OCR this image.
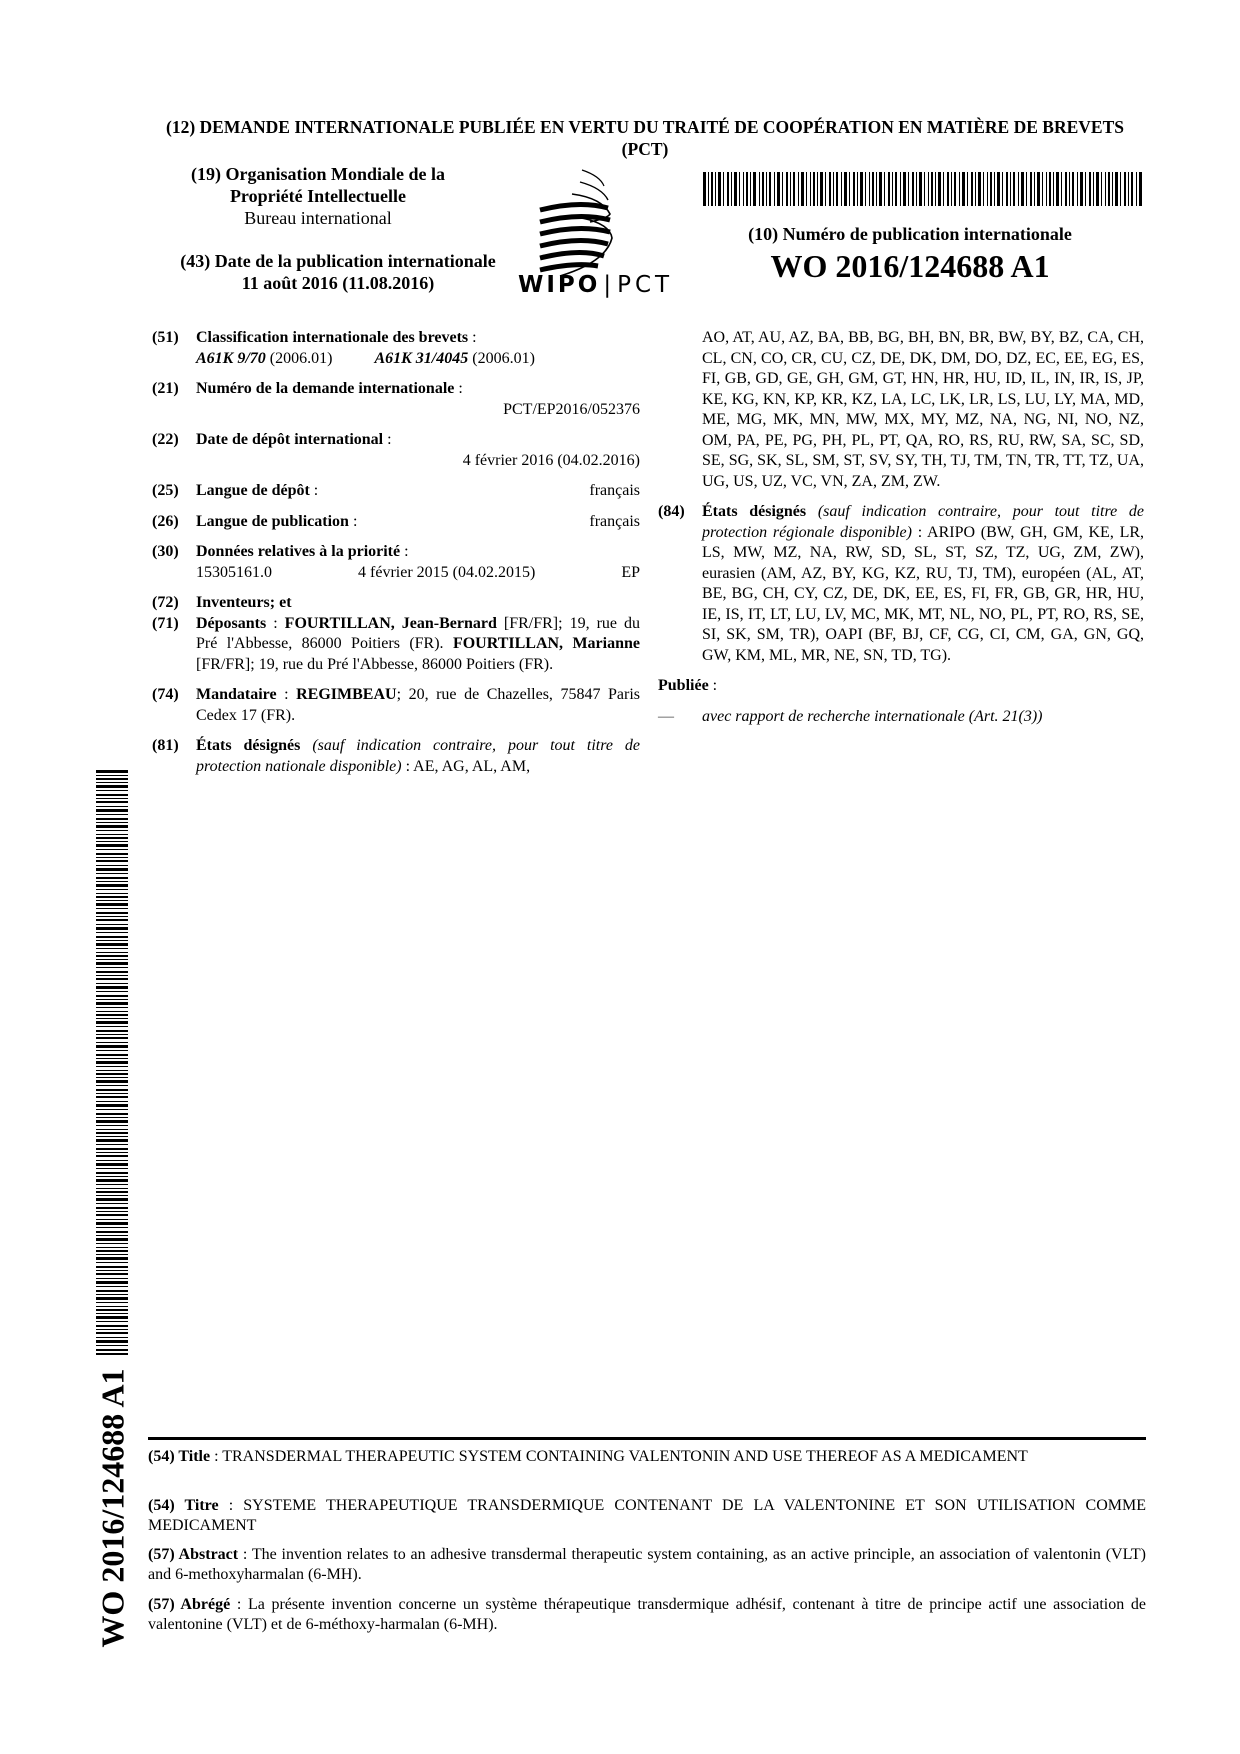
(12) DEMANDE INTERNATIONALE PUBLIÉE EN VERTU DU TRAITÉ DE COOPÉRATION EN MATIÈRE DE BREVETS (PCT)
(19) Organisation Mondiale de la
Propriété Intellectuelle
Bureau international
(43) Date de la publication internationale
11 août 2016 (11.08.2016)	WIPO | PCT
(10) Numéro de publication internationale
WO 2016/124688 A1
(51)	Classification internationale des brevets :
A61K 9/70 (2006.01)	A61K 31/4045 (2006.01)
(21)	Numéro de la demande internationale :
PCT/EP2016/052376
(22)	Date de dépôt international :
4 février 2016 (04.02.2016)
(25)	Langue de dépôt :	français
(26)	Langue de publication :	français
(30)	Données relatives à la priorité :
15305161.0	4 février 2015 (04.02.2015)	EP
(72)	Inventeurs; et
(71)	Déposants : FOURTILLAN, Jean-Bernard [FR/FR]; 19, rue du Pré l'Abbesse, 86000 Poitiers (FR). FOURTILLAN, Marianne [FR/FR]; 19, rue du Pré l'Abbesse, 86000 Poitiers (FR).
(74)	Mandataire : REGIMBEAU; 20, rue de Chazelles, 75847 Paris Cedex 17 (FR).
(81)	États désignés (sauf indication contraire, pour tout titre de protection nationale disponible) : AE, AG, AL, AM,
AO, AT, AU, AZ, BA, BB, BG, BH, BN, BR, BW, BY, BZ, CA, CH, CL, CN, CO, CR, CU, CZ, DE, DK, DM, DO, DZ, EC, EE, EG, ES, FI, GB, GD, GE, GH, GM, GT, HN, HR, HU, ID, IL, IN, IR, IS, JP, KE, KG, KN, KP, KR, KZ, LA, LC, LK, LR, LS, LU, LY, MA, MD, ME, MG, MK, MN, MW, MX, MY, MZ, NA, NG, NI, NO, NZ, OM, PA, PE, PG, PH, PL, PT, QA, RO, RS, RU, RW, SA, SC, SD, SE, SG, SK, SL, SM, ST, SV, SY, TH, TJ, TM, TN, TR, TT, TZ, UA, UG, US, UZ, VC, VN, ZA, ZM, ZW.
(84)	États désignés (sauf indication contraire, pour tout titre de protection régionale disponible) : ARIPO (BW, GH, GM, KE, LR, LS, MW, MZ, NA, RW, SD, SL, ST, SZ, TZ, UG, ZM, ZW), eurasien (AM, AZ, BY, KG, KZ, RU, TJ, TM), européen (AL, AT, BE, BG, CH, CY, CZ, DE, DK, EE, ES, FI, FR, GB, GR, HR, HU, IE, IS, IT, LT, LU, LV, MC, MK, MT, NL, NO, PL, PT, RO, RS, SE, SI, SK, SM, TR), OAPI (BF, BJ, CF, CG, CI, CM, GA, GN, GQ, GW, KM, ML, MR, NE, SN, TD, TG).
Publiée :
—	avec rapport de recherche internationale (Art. 21(3))
WO 2016/124688 A1 (54) Title : TRANSDERMAL THERAPEUTIC SYSTEM CONTAINING VALENTONIN AND USE THEREOF AS A MEDICAMENT
(54) Titre : SYSTEME THERAPEUTIQUE TRANSDERMIQUE CONTENANT DE LA VALENTONINE ET SON UTILISATION COMME MEDICAMENT
(57) Abstract : The invention relates to an adhesive transdermal therapeutic system containing, as an active principle, an association of valentonin (VLT) and 6-methoxyharmalan (6-MH).
(57) Abrégé : La présente invention concerne un système thérapeutique transdermique adhésif, contenant à titre de principe actif une association de valentonine (VLT) et de 6-méthoxy-harmalan (6-MH).
